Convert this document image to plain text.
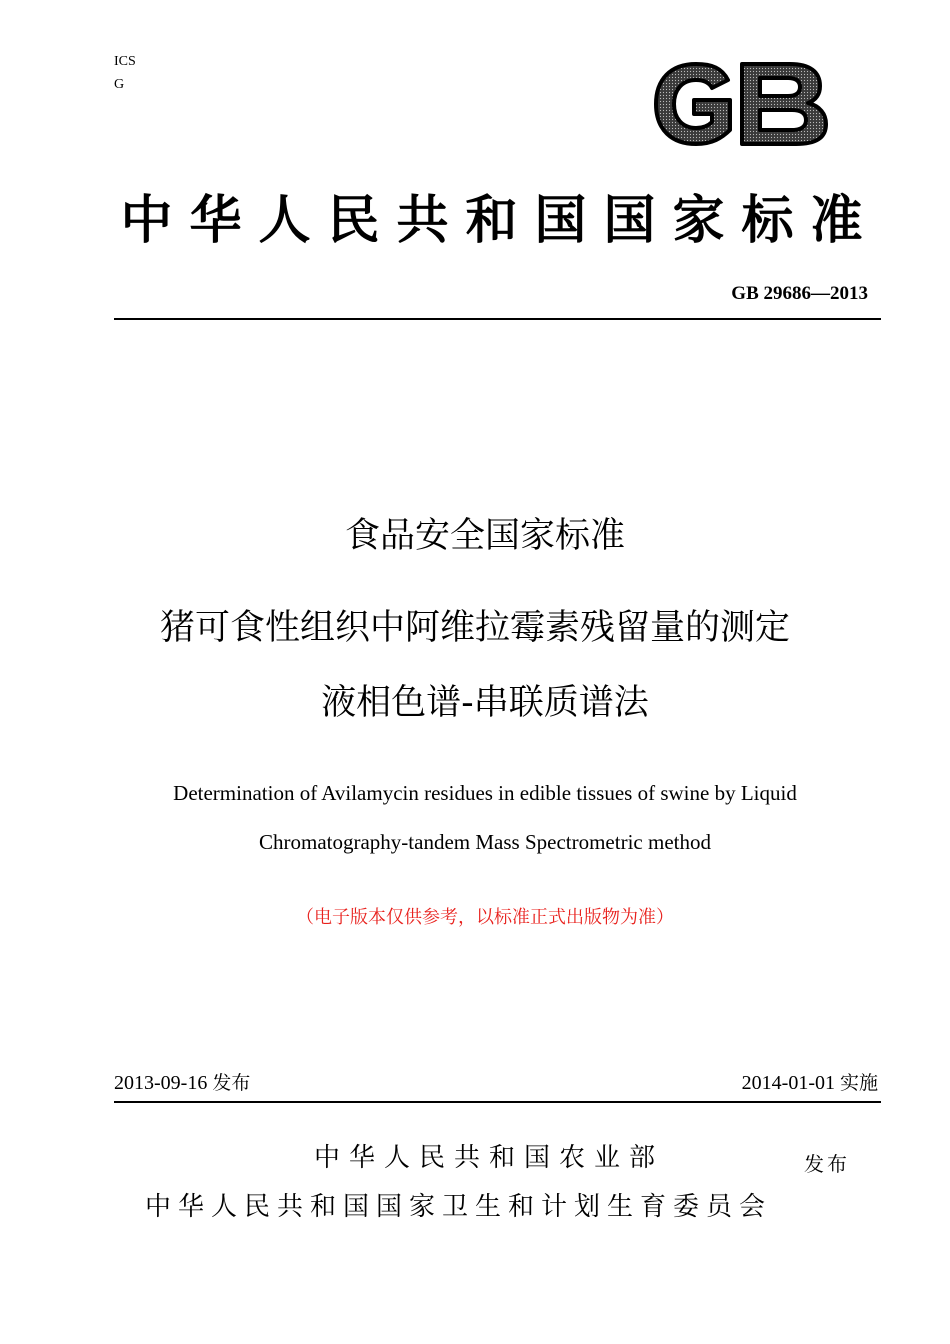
ICS
G
中华人民共和国国家标准
GB 29686—2013
食品安全国家标准
猪可食性组织中阿维拉霉素残留量的测定
液相色谱-串联质谱法
Determination of Avilamycin residues in edible tissues of swine by Liquid
Chromatography-tandem Mass Spectrometric method
（电子版本仅供参考，以标准正式出版物为准）
2013-09-16 发布	2014-01-01 实施
中华人民共和国农业部
中华人民共和国国家卫生和计划生育委员会
发布
